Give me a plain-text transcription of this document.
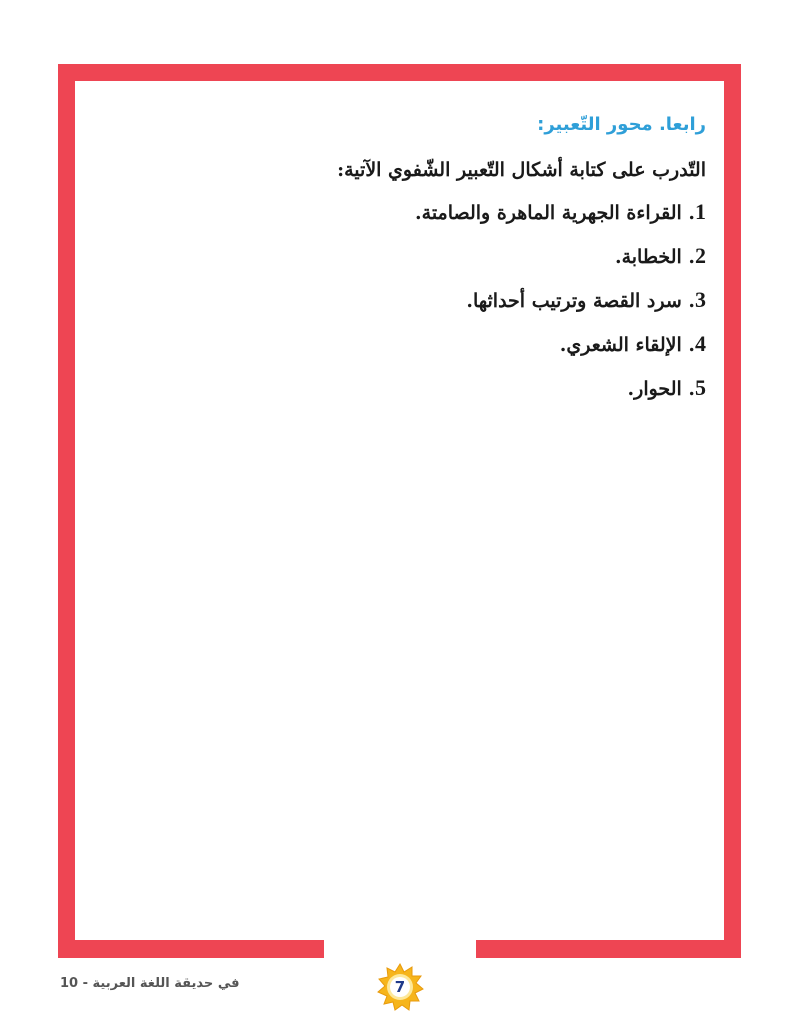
رابعا. محور التّعبير:

التّدرب على كتابة أشكال التّعبير الشّفوي الآتية:

1. القراءة الجهرية الماهرة والصامتة.
2. الخطابة.
3. سرد القصة وترتيب أحداثها.
4. الإلقاء الشعري.
5. الحوار.
في حديقة اللغة العربية - 10	7
